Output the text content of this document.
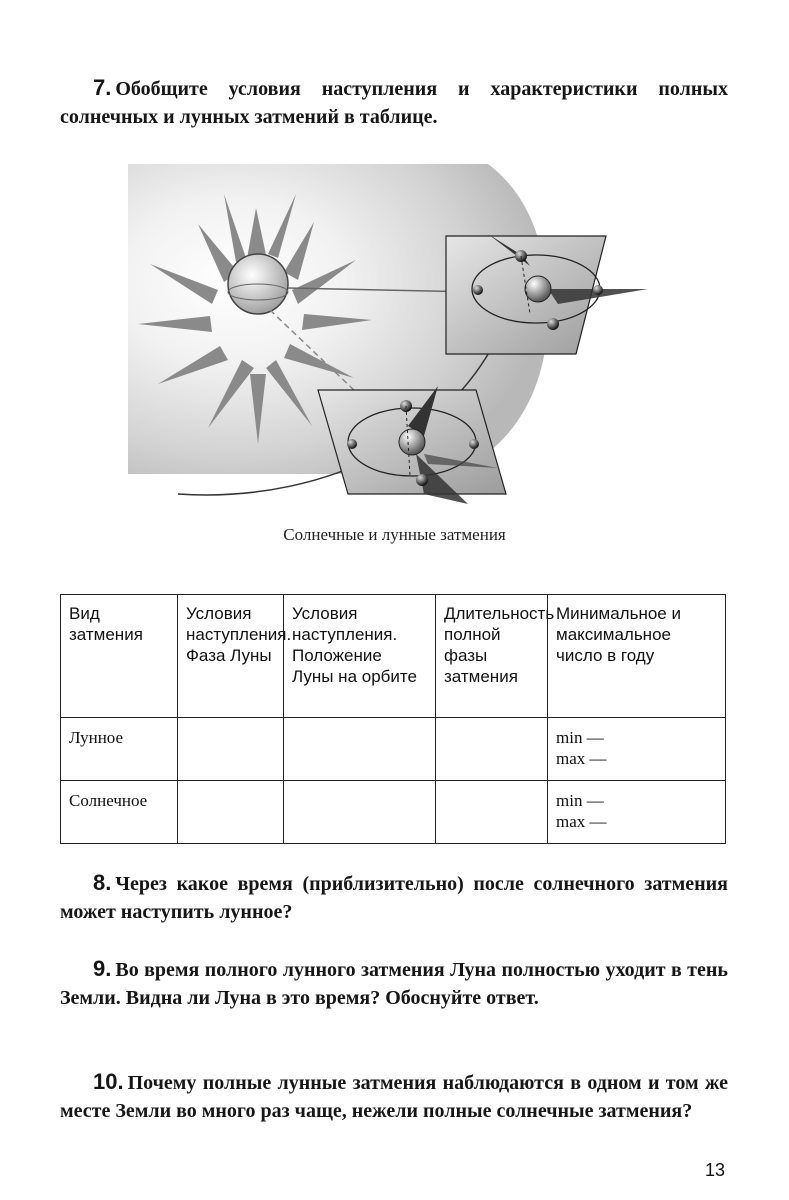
7. Обобщите условия наступления и характеристики полных солнечных и лунных затмений в таблице.
Солнечные и лунные затмения
Вид затмения	Условия наступления. Фаза Луны	Условия наступления. Положение Луны на орбите	Длительность полной фазы затмения	Минимальное и максимальное число в году
Лунное				min —
max —

Солнечное				min —
max —
8. Через какое время (приблизительно) после солнечного затмения может наступить лунное?
9. Во время полного лунного затмения Луна полностью уходит в тень Земли. Видна ли Луна в это время? Обоснуйте ответ.
10. Почему полные лунные затмения наблюдаются в одном и том же месте Земли во много раз чаще, нежели полные солнечные затмения?
13
